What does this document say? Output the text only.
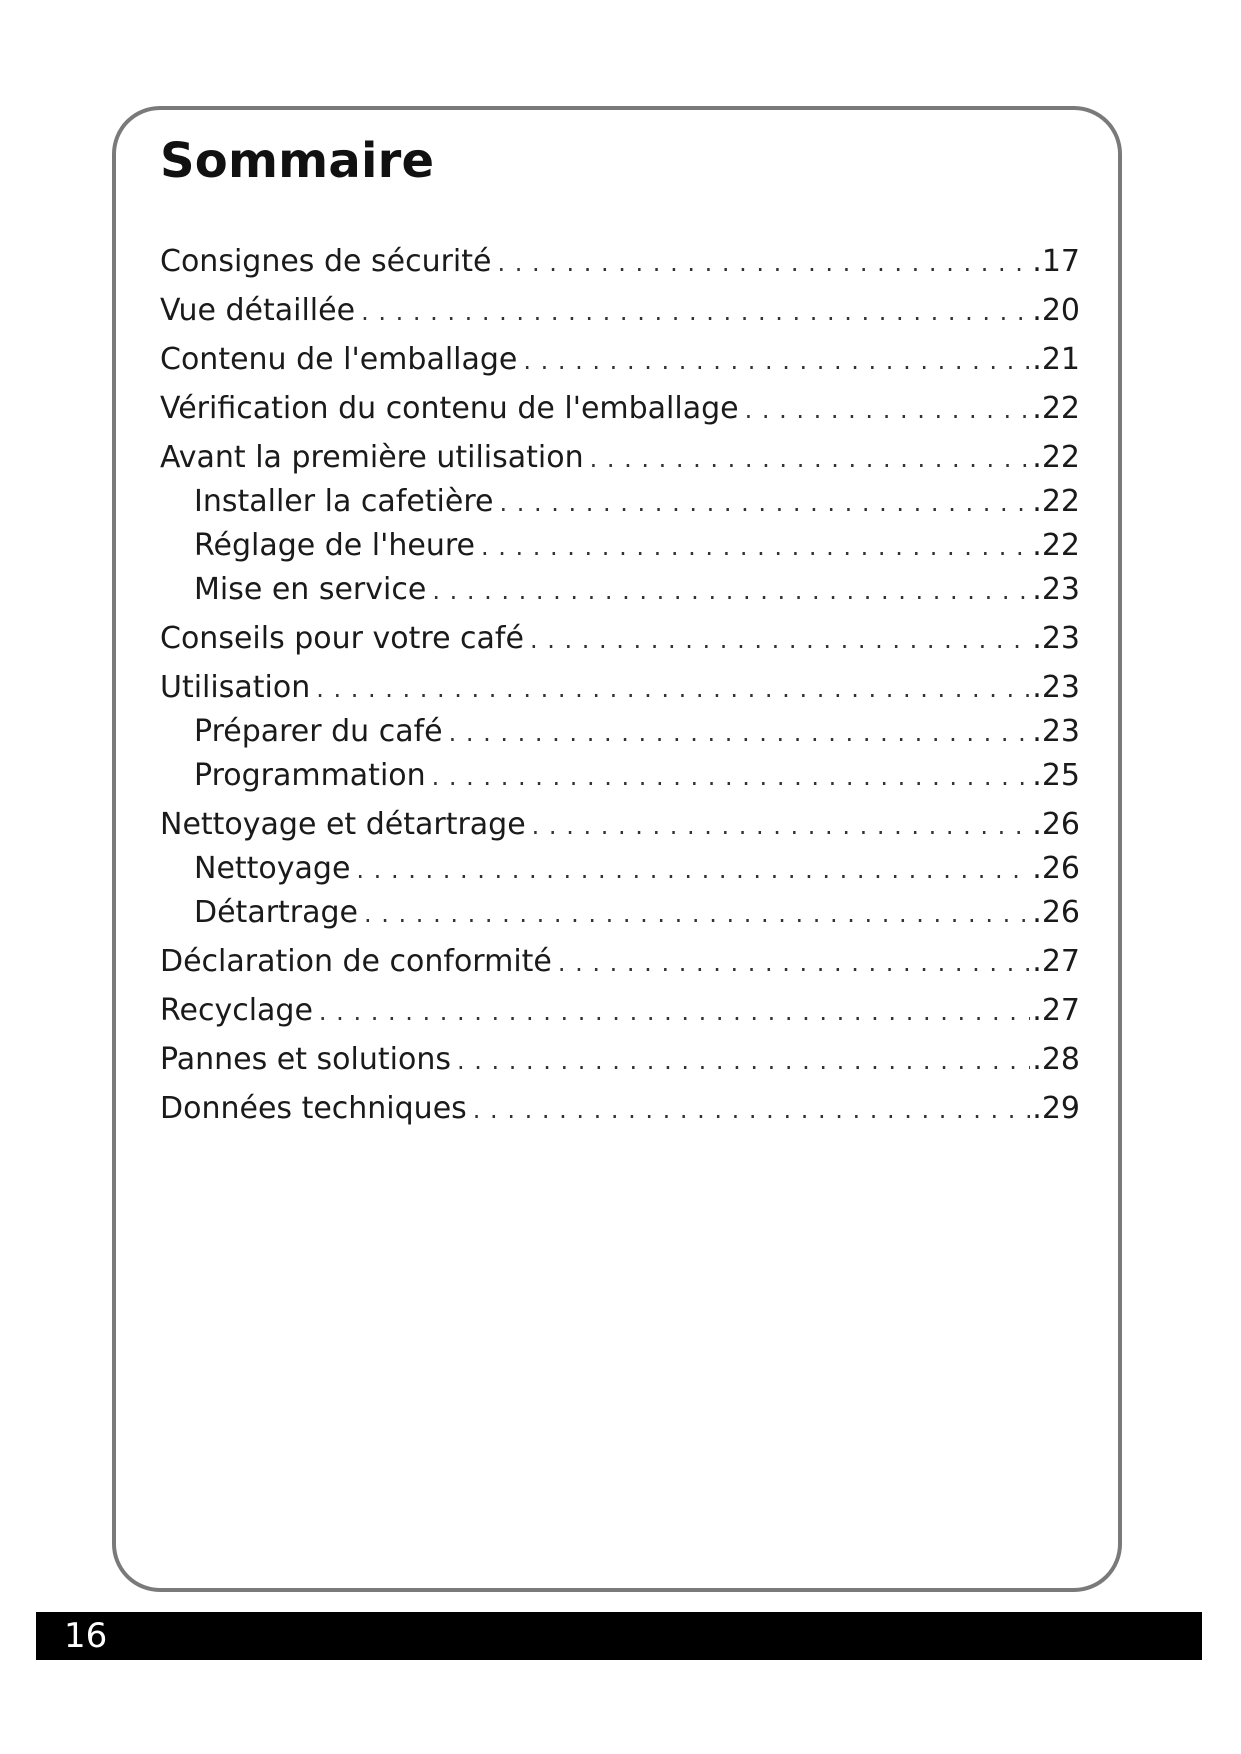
Sommaire
Consignes de sécurité . . .	.17
Vue détaillée . . .	.20
Contenu de l'emballage . . .	.21
Vérification du contenu de l'emballage . . .	.22
Avant la première utilisation . . .	.22
Installer la cafetière . . .	.22
Réglage de l'heure . . .	.22
Mise en service . . .	.23
Conseils pour votre café . . .	.23
Utilisation . . .	.23
Préparer du café . . .	.23
Programmation . . .	.25
Nettoyage et détartrage . . .	.26
Nettoyage . . .	.26
Détartrage . . .	.26
Déclaration de conformité . . .	.27
Recyclage . . .	.27
Pannes et solutions . . .	.28
Données techniques . . .	.29
16
